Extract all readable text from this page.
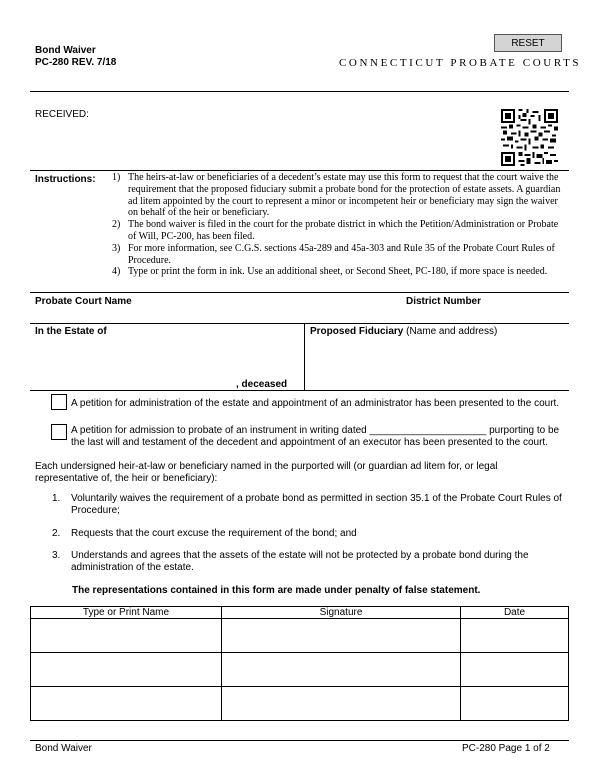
Bond Waiver
PC-280 REV. 7/18
RESET
CONNECTICUT PROBATE COURTS
RECEIVED:
Instructions: 1) The heirs-at-law or beneficiaries of a decedent’s estate may use this form to request that the court waive the requirement that the proposed fiduciary submit a probate bond for the protection of estate assets. A guardian ad litem appointed by the court to represent a minor or incompetent heir or beneficiary may sign the waiver on behalf of the heir or beneficiary.
2) The bond waiver is filed in the court for the probate district in which the Petition/Administration or Probate of Will, PC-200, has been filed.
3) For more information, see C.G.S. sections 45a-289 and 45a-303 and Rule 35 of the Probate Court Rules of Procedure.
4) Type or print the form in ink. Use an additional sheet, or Second Sheet, PC-180, if more space is needed.
Probate Court Name	District Number
In the Estate of
, deceased
Proposed Fiduciary (Name and address)
A petition for administration of the estate and appointment of an administrator has been presented to the court.
A petition for admission to probate of an instrument in writing dated _____________________ purporting to be
the last will and testament of the decedent and appointment of an executor has been presented to the court.
Each undersigned heir-at-law or beneficiary named in the purported will (or guardian ad litem for, or legal representative of, the heir or beneficiary):
1. Voluntarily waives the requirement of a probate bond as permitted in section 35.1 of the Probate Court Rules of Procedure;
2. Requests that the court excuse the requirement of the bond; and
3. Understands and agrees that the assets of the estate will not be protected by a probate bond during the administration of the estate.
The representations contained in this form are made under penalty of false statement.
Type or Print Name	Signature	Date

Bond Waiver	PC-280 Page 1 of 2
